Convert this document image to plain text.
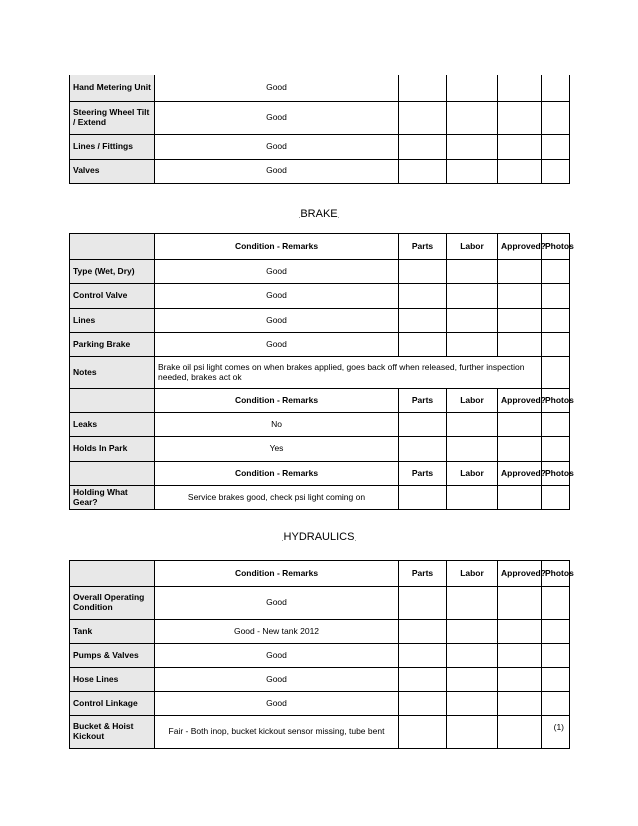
Hand Metering Unit	Good				
Steering Wheel Tilt / Extend	Good				
Lines / Fittings	Good				
Valves	Good				
.BRAKE.
	Condition - Remarks	Parts	Labor	Approved?	Photos
Type (Wet, Dry)	Good				
Control Valve	Good				
Lines	Good				
Parking Brake	Good				
Notes	Brake oil psi light comes on when brakes applied, goes back off when released, further inspection needed, brakes act ok				
	Condition - Remarks	Parts	Labor	Approved?	Photos
Leaks	No				
Holds In Park	Yes				
	Condition - Remarks	Parts	Labor	Approved?	Photos
Holding What Gear?	Service brakes good, check psi light coming on				
.HYDRAULICS.
	Condition - Remarks	Parts	Labor	Approved?	Photos
Overall Operating Condition	Good				
Tank	Good - New tank 2012				
Pumps & Valves	Good				
Hose Lines	Good				
Control Linkage	Good				
Bucket & Hoist Kickout	Fair - Both inop, bucket kickout sensor missing, tube bent				(1)
